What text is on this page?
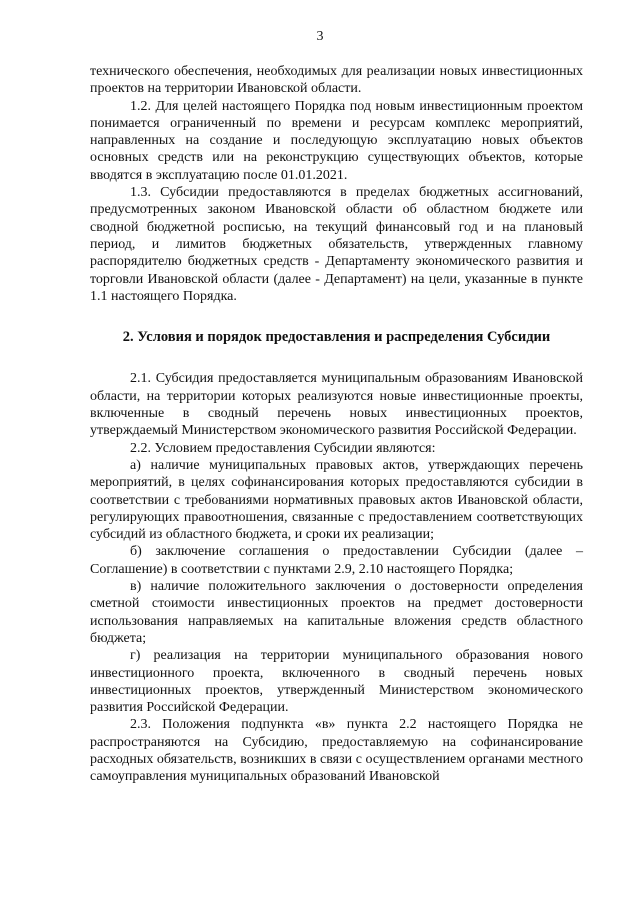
3

технического обеспечения, необходимых для реализации новых инвестиционных проектов на территории Ивановской области.

1.2. Для целей настоящего Порядка под новым инвестиционным проектом понимается ограниченный по времени и ресурсам комплекс мероприятий, направленных на создание и последующую эксплуатацию новых объектов основных средств или на реконструкцию существующих объектов, которые вводятся в эксплуатацию после 01.01.2021.

1.3. Субсидии предоставляются в пределах бюджетных ассигнований, предусмотренных законом Ивановской области об областном бюджете или сводной бюджетной росписью, на текущий финансовый год и на плановый период, и лимитов бюджетных обязательств, утвержденных главному распорядителю бюджетных средств - Департаменту экономического развития и торговли Ивановской области (далее - Департамент) на цели, указанные в пункте 1.1 настоящего Порядка.

2. Условия и порядок предоставления и распределения Субсидии

2.1. Субсидия предоставляется муниципальным образованиям Ивановской области, на территории которых реализуются новые инвестиционные проекты, включенные в сводный перечень новых инвестиционных проектов, утверждаемый Министерством экономического развития Российской Федерации.

2.2. Условием предоставления Субсидии являются:

а) наличие муниципальных правовых актов, утверждающих перечень мероприятий, в целях софинансирования которых предоставляются субсидии в соответствии с требованиями нормативных правовых актов Ивановской области, регулирующих правоотношения, связанные с предоставлением соответствующих субсидий из областного бюджета, и сроки их реализации;

б) заключение соглашения о предоставлении Субсидии (далее – Соглашение) в соответствии с пунктами 2.9, 2.10 настоящего Порядка;

в) наличие положительного заключения о достоверности определения сметной стоимости инвестиционных проектов на предмет достоверности использования направляемых на капитальные вложения средств областного бюджета;

г) реализация на территории муниципального образования нового инвестиционного проекта, включенного в сводный перечень новых инвестиционных проектов, утвержденный Министерством экономического развития Российской Федерации.

2.3. Положения подпункта «в» пункта 2.2 настоящего Порядка не распространяются на Субсидию, предоставляемую на софинансирование расходных обязательств, возникших в связи с осуществлением органами местного самоуправления муниципальных образований Ивановской
